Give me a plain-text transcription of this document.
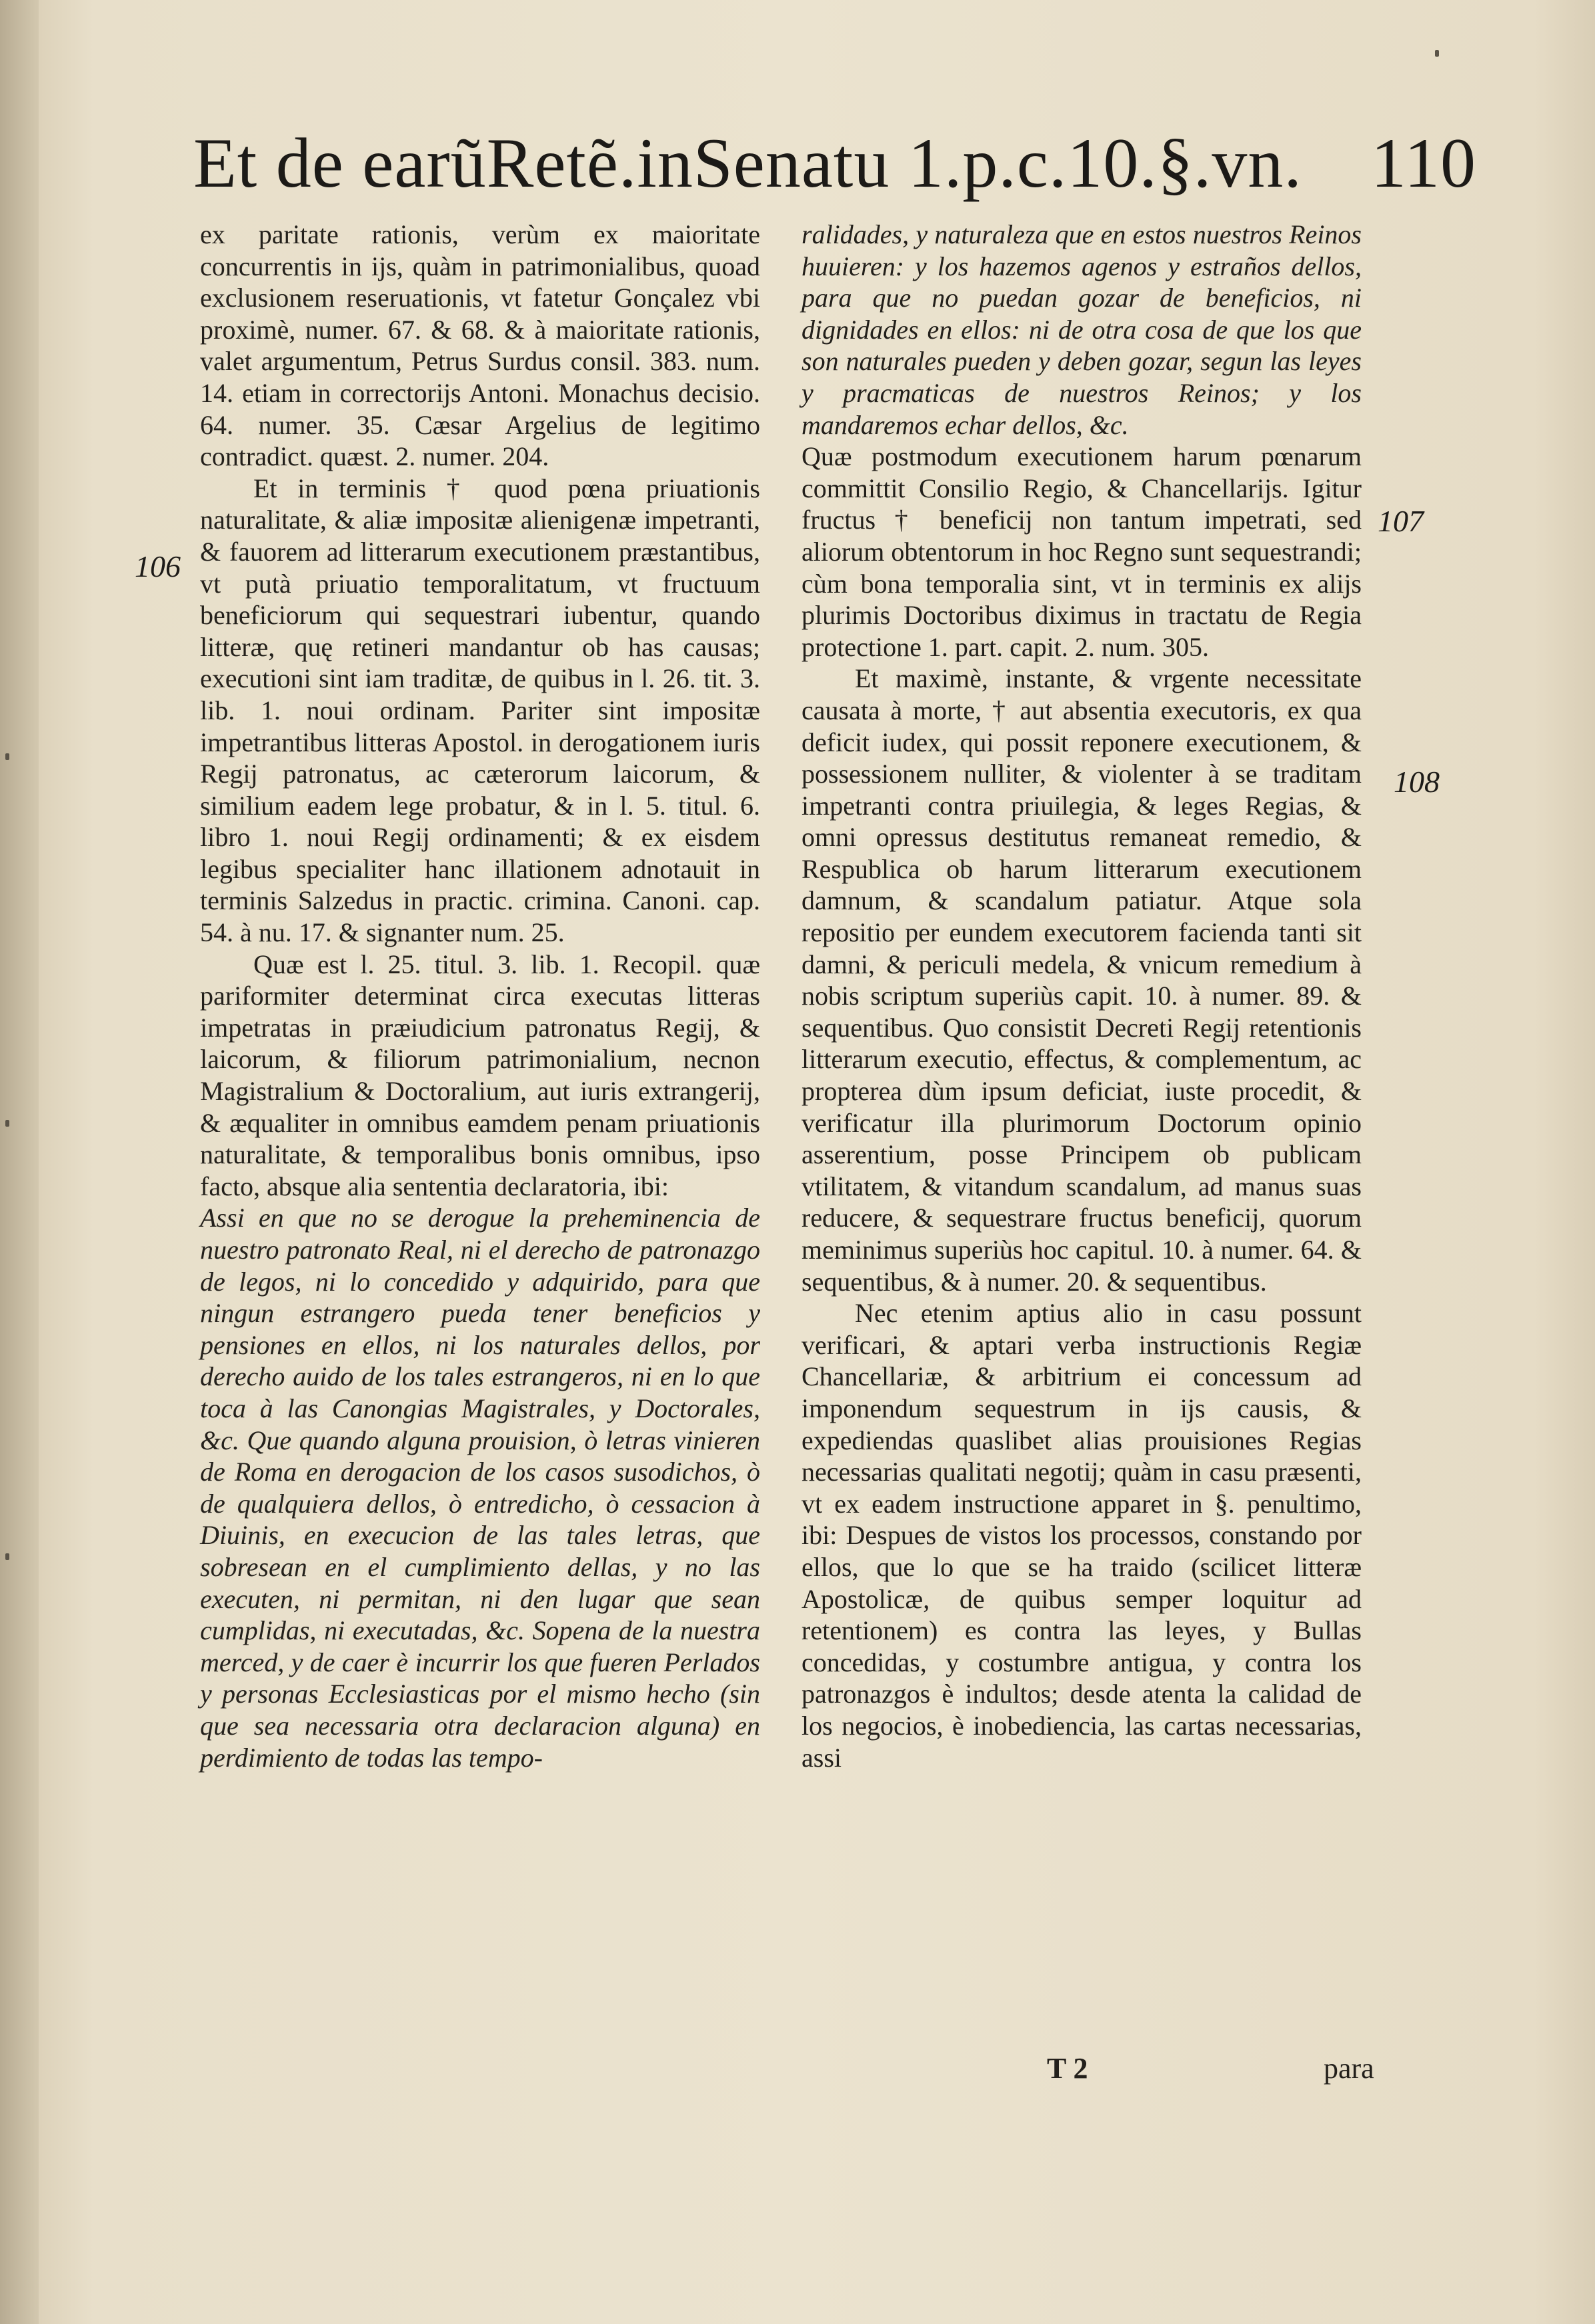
Et de earũRetẽ.inSenatu 1.p.c.10.§.vn. 110

ex paritate rationis, verùm ex maioritate concurrentis in ijs, quàm in patrimonialibus, quoad exclusionem reseruationis, vt fatetur Gonçalez vbi proximè, numer. 67. & 68. & à maioritate rationis, valet argumentum, Petrus Surdus consil. 383. num. 14. etiam in correctorijs Antoni. Monachus decisio. 64. numer. 35. Cæsar Argelius de legitimo contradict. quæst. 2. numer. 204.

Et in terminis † quod pœna priuationis naturalitate, & aliæ impositæ alienigenæ impetranti, & fauorem ad litterarum executionem præstantibus, vt putà priuatio temporalitatum, vt fructuum beneficiorum qui sequestrari iubentur, quando litteræ, quę retineri mandantur ob has causas; executioni sint iam traditæ, de quibus in l. 26. tit. 3. lib. 1. noui ordinam. Pariter sint impositæ impetrantibus litteras Apostol. in derogationem iuris Regij patronatus, ac cæterorum laicorum, & similium eadem lege probatur, & in l. 5. titul. 6. libro 1. noui Regij ordinamenti; & ex eisdem legibus specialiter hanc illationem adnotauit in terminis Salzedus in practic. crimina. Canoni. cap. 54. à nu. 17. & signanter num. 25.

Quæ est l. 25. titul. 3. lib. 1. Recopil. quæ pariformiter determinat circa executas litteras impetratas in præiudicium patronatus Regij, & laicorum, & filiorum patrimonialium, necnon Magistralium & Doctoralium, aut iuris extrangerij, & æqualiter in omnibus eamdem penam priuationis naturalitate, & temporalibus bonis omnibus, ipso facto, absque alia sententia declaratoria, ibi:

Assi en que no se derogue la preheminencia de nuestro patronato Real, ni el derecho de patronazgo de legos, ni lo concedido y adquirido, para que ningun estrangero pueda tener beneficios y pensiones en ellos, ni los naturales dellos, por derecho auido de los tales estrangeros, ni en lo que toca à las Canongias Magistrales, y Doctorales, &c. Que quando alguna prouision, ò letras vinieren de Roma en derogacion de los casos susodichos, ò de qualquiera dellos, ò entredicho, ò cessacion à Diuinis, en execucion de las tales letras, que sobresean en el cumplimiento dellas, y no las executen, ni permitan, ni den lugar que sean cumplidas, ni executadas, &c. Sopena de la nuestra merced, y de caer è incurrir los que fueren Perlados y personas Ecclesiasticas por el mismo hecho (sin que sea necessaria otra declaracion alguna) en perdimiento de todas las tempo-

ralidades, y naturaleza que en estos nuestros Reinos huuieren: y los hazemos agenos y estraños dellos, para que no puedan gozar de beneficios, ni dignidades en ellos: ni de otra cosa de que los que son naturales pueden y deben gozar, segun las leyes y pracmaticas de nuestros Reinos; y los mandaremos echar dellos, &c.

Quæ postmodum executionem harum pœnarum committit Consilio Regio, & Chancellarijs. Igitur fructus † beneficij non tantum impetrati, sed aliorum obtentorum in hoc Regno sunt sequestrandi; cùm bona temporalia sint, vt in terminis ex alijs plurimis Doctoribus diximus in tractatu de Regia protectione 1. part. capit. 2. num. 305.

Et maximè, instante, & vrgente necessitate causata à morte, † aut absentia executoris, ex qua deficit iudex, qui possit reponere executionem, & possessionem nulliter, & violenter à se traditam impetranti contra priuilegia, & leges Regias, & omni opressus destitutus remaneat remedio, & Respublica ob harum litterarum executionem damnum, & scandalum patiatur. Atque sola repositio per eundem executorem facienda tanti sit damni, & periculi medela, & vnicum remedium à nobis scriptum superiùs capit. 10. à numer. 89. & sequentibus. Quo consistit Decreti Regij retentionis litterarum executio, effectus, & complementum, ac propterea dùm ipsum deficiat, iuste procedit, & verificatur illa plurimorum Doctorum opinio asserentium, posse Principem ob publicam vtilitatem, & vitandum scandalum, ad manus suas reducere, & sequestrare fructus beneficij, quorum meminimus superiùs hoc capitul. 10. à numer. 64. & sequentibus, & à numer. 20. & sequentibus.

Nec etenim aptius alio in casu possunt verificari, & aptari verba instructionis Regiæ Chancellariæ, & arbitrium ei concessum ad imponendum sequestrum in ijs causis, & expediendas quaslibet alias prouisiones Regias necessarias qualitati negotij; quàm in casu præsenti, vt ex eadem instructione apparet in §. penultimo, ibi: Despues de vistos los processos, constando por ellos, que lo que se ha traido (scilicet litteræ Apostolicæ, de quibus semper loquitur ad retentionem) es contra las leyes, y Bullas concedidas, y costumbre antigua, y contra los patronazgos è indultos; desde atenta la calidad de los negocios, è inobediencia, las cartas necessarias, assi

106
107
108
T 2	para
